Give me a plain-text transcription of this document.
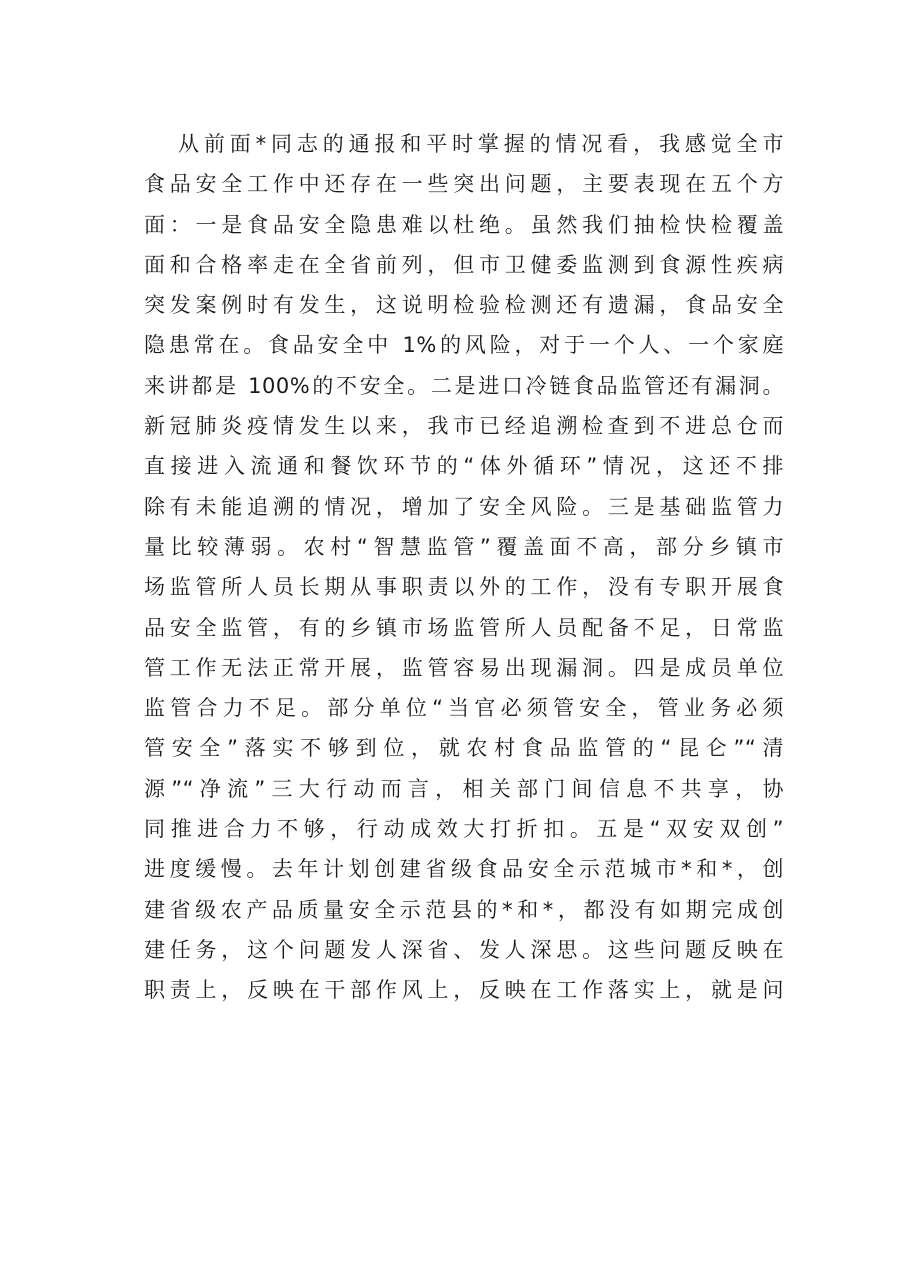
从前面*同志的通报和平时掌握的情况看，我感觉全市
食品安全工作中还存在一些突出问题，主要表现在五个方
面：一是食品安全隐患难以杜绝。虽然我们抽检快检覆盖
面和合格率走在全省前列，但市卫健委监测到食源性疾病
突发案例时有发生，这说明检验检测还有遗漏，食品安全
隐患常在。食品安全中 1%的风险，对于一个人、一个家庭
来讲都是 100%的不安全。二是进口冷链食品监管还有漏洞。
新冠肺炎疫情发生以来，我市已经追溯检查到不进总仓而
直接进入流通和餐饮环节的“体外循环”情况，这还不排
除有未能追溯的情况，增加了安全风险。三是基础监管力
量比较薄弱。农村“智慧监管”覆盖面不高，部分乡镇市
场监管所人员长期从事职责以外的工作，没有专职开展食
品安全监管，有的乡镇市场监管所人员配备不足，日常监
管工作无法正常开展，监管容易出现漏洞。四是成员单位
监管合力不足。部分单位“当官必须管安全，管业务必须
管安全”落实不够到位，就农村食品监管的“昆仑”“清
源”“净流”三大行动而言，相关部门间信息不共享，协
同推进合力不够，行动成效大打折扣。五是“双安双创”
进度缓慢。去年计划创建省级食品安全示范城市*和*，创
建省级农产品质量安全示范县的*和*，都没有如期完成创
建任务，这个问题发人深省、发人深思。这些问题反映在
职责上，反映在干部作风上，反映在工作落实上，就是问
